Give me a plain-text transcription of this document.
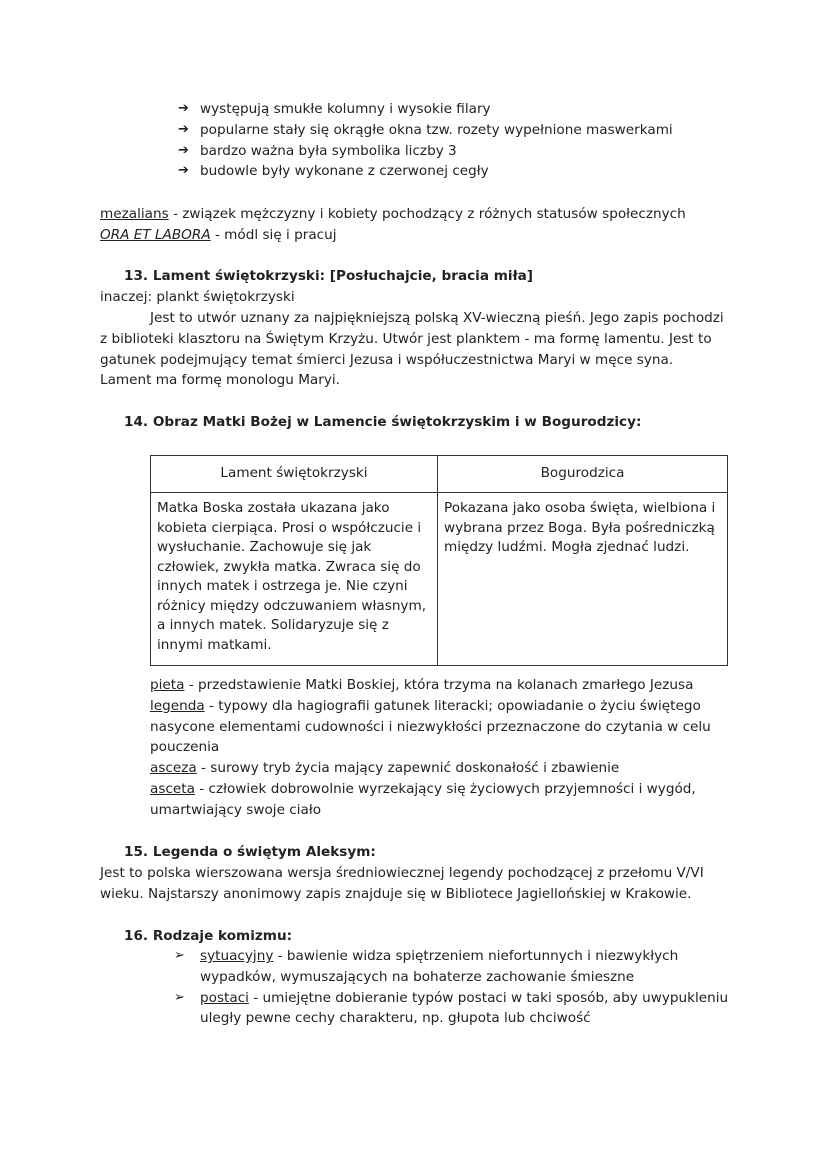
➔ występują smukłe kolumny i wysokie filary
➔ popularne stały się okrągłe okna tzw. rozety wypełnione maswerkami
➔ bardzo ważna była symbolika liczby 3
➔ budowle były wykonane z czerwonej cegły

mezalians - związek mężczyzny i kobiety pochodzący z różnych statusów społecznych

ORA ET LABORA - módl się i pracuj

13. Lament świętokrzyski: [Posłuchajcie, bracia miła]
inaczej: plankt świętokrzyski

Jest to utwór uznany za najpiękniejszą polską XV-wieczną pieśń. Jego zapis pochodzi z biblioteki klasztoru na Świętym Krzyżu. Utwór jest planktem - ma formę lamentu. Jest to gatunek podejmujący temat śmierci Jezusa i współuczestnictwa Maryi w męce syna. Lament ma formę monologu Maryi.

14. Obraz Matki Bożej w Lamencie świętokrzyskim i w Bogurodzicy:
Lament świętokrzyski	Bogurodzica
Matka Boska została ukazana jako kobieta cierpiąca. Prosi o współczucie i wysłuchanie. Zachowuje się jak człowiek, zwykła matka. Zwraca się do innych matek i ostrzega je. Nie czyni różnicy między odczuwaniem własnym, a innych matek. Solidaryzuje się z innymi matkami.	Pokazana jako osoba święta, wielbiona i wybrana przez Boga. Była pośredniczką między ludźmi. Mogła zjednać ludzi.

pieta - przedstawienie Matki Boskiej, która trzyma na kolanach zmarłego Jezusa

legenda - typowy dla hagiografii gatunek literacki; opowiadanie o życiu świętego nasycone elementami cudowności i niezwykłości przeznaczone do czytania w celu pouczenia

asceza - surowy tryb życia mający zapewnić doskonałość i zbawienie

asceta - człowiek dobrowolnie wyrzekający się życiowych przyjemności i wygód, umartwiający swoje ciało

15. Legenda o świętym Aleksym:

Jest to polska wierszowana wersja średniowiecznej legendy pochodzącej z przełomu V/VI wieku. Najstarszy anonimowy zapis znajduje się w Bibliotece Jagiellońskiej w Krakowie.

16. Rodzaje komizmu:
➢	sytuacyjny - bawienie widza spiętrzeniem niefortunnych i niezwykłych wypadków, wymuszających na bohaterze zachowanie śmieszne
➢	postaci - umiejętne dobieranie typów postaci w taki sposób, aby uwypukleniu uległy pewne cechy charakteru, np. głupota lub chciwość
